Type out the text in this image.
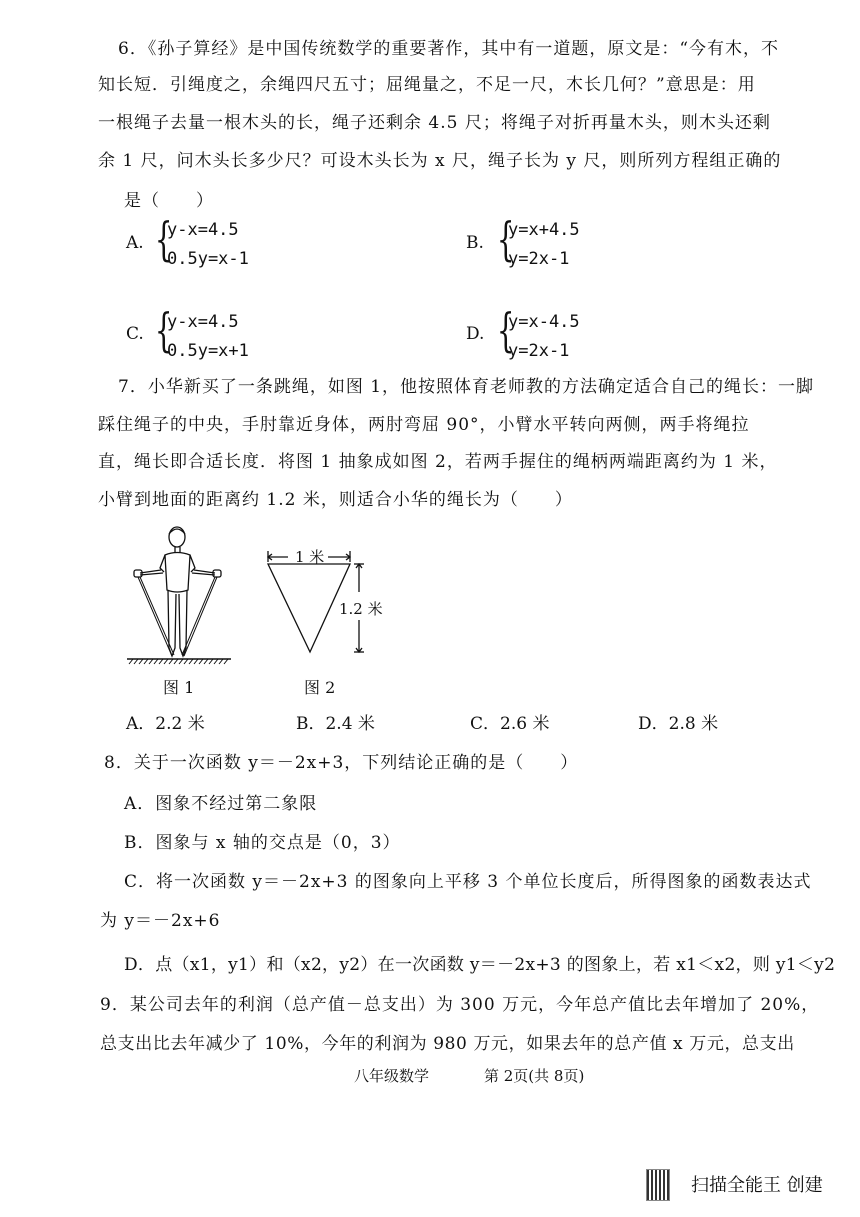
6．《孙子算经》是中国传统数学的重要著作，其中有一道题，原文是：“今有木，不
知长短．引绳度之，余绳四尺五寸；屈绳量之，不足一尺，木长几何？”意思是：用
一根绳子去量一根木头的长，绳子还剩余 4.5 尺；将绳子对折再量木头，则木头还剩
余 1 尺，问木头长多少尺？可设木头长为 x 尺，绳子长为 y 尺，则所列方程组正确的
是（　　）
A. {
y-x=4.5
0.5y=x-1
B. {
y=x+4.5
y=2x-1
C. {
y-x=4.5
0.5y=x+1
D. {
y=x-4.5
y=2x-1
7．小华新买了一条跳绳，如图 1，他按照体育老师教的方法确定适合自己的绳长：一脚
踩住绳子的中央，手肘靠近身体，两肘弯屈 90°，小臂水平转向两侧，两手将绳拉
直，绳长即合适长度．将图 1 抽象成如图 2，若两手握住的绳柄两端距离约为 1 米，
小臂到地面的距离约 1.2 米，则适合小华的绳长为（　　）
1 米
1.2 米
图 1	图 2
A．2.2 米	B．2.4 米	C．2.6 米	D．2.8 米
8．关于一次函数 y＝－2x+3，下列结论正确的是（　　）
A．图象不经过第二象限
B．图象与 x 轴的交点是（0，3）
C．将一次函数 y＝－2x+3 的图象向上平移 3 个单位长度后，所得图象的函数表达式
为 y＝－2x+6
D．点（x1，y1）和（x2，y2）在一次函数 y＝－2x+3 的图象上，若 x1＜x2，则 y1＜y2
9．某公司去年的利润（总产值－总支出）为 300 万元，今年总产值比去年增加了 20%，
总支出比去年减少了 10%，今年的利润为 980 万元，如果去年的总产值 x 万元，总支出
八年级数学	第 2页(共 8页)
扫描全能王 创建
